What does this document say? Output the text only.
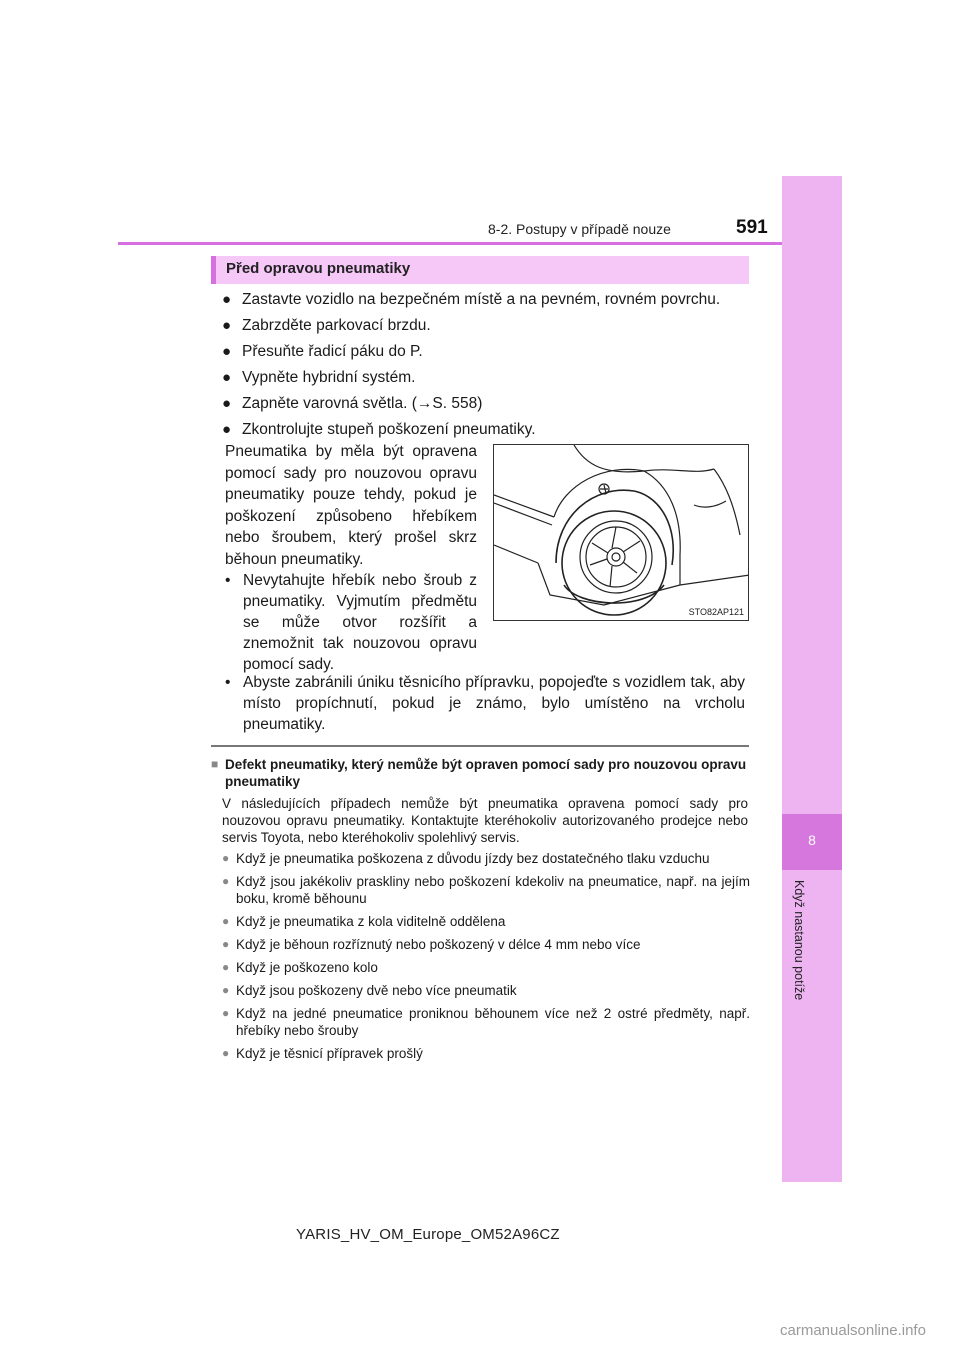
8
Když nastanou potíže
8-2. Postupy v případě nouze	591
Před opravou pneumatiky
● Zastavte vozidlo na bezpečném místě a na pevném, rovném povrchu.
● Zabrzděte parkovací brzdu.
● Přesuňte řadicí páku do P.
● Vypněte hybridní systém.
● Zapněte varovná světla. (→S. 558)
● Zkontrolujte stupeň poškození pneumatiky.
Pneumatika by měla být opravena pomocí sady pro nouzovou opravu pneumatiky pouze tehdy, pokud je poškození způsobeno hřebíkem nebo šroubem, který prošel skrz běhoun pneumatiky.
• Nevytahujte hřebík nebo šroub z pneumatiky. Vyjmutím předmětu se může otvor rozšířit a znemožnit tak nouzovou opravu pomocí sady.
• Abyste zabránili úniku těsnicího přípravku, popojeďte s vozidlem tak, aby místo propíchnutí, pokud je známo, bylo umístěno na vrcholu pneumatiky.
STO82AP121
■ Defekt pneumatiky, který nemůže být opraven pomocí sady pro nouzovou opravu pneumatiky
V následujících případech nemůže být pneumatika opravena pomocí sady pro nouzovou opravu pneumatiky. Kontaktujte kteréhokoliv autorizovaného prodejce nebo servis Toyota, nebo kteréhokoliv spolehlivý servis.
● Když je pneumatika poškozena z důvodu jízdy bez dostatečného tlaku vzduchu
● Když jsou jakékoliv praskliny nebo poškození kdekoliv na pneumatice, např. na jejím boku, kromě běhounu
● Když je pneumatika z kola viditelně oddělena
● Když je běhoun rozříznutý nebo poškozený v délce 4 mm nebo více
● Když je poškozeno kolo
● Když jsou poškozeny dvě nebo více pneumatik
● Když na jedné pneumatice proniknou běhounem více než 2 ostré předměty, např. hřebíky nebo šrouby
● Když je těsnicí přípravek prošlý
YARIS_HV_OM_Europe_OM52A96CZ
carmanualsonline.info
